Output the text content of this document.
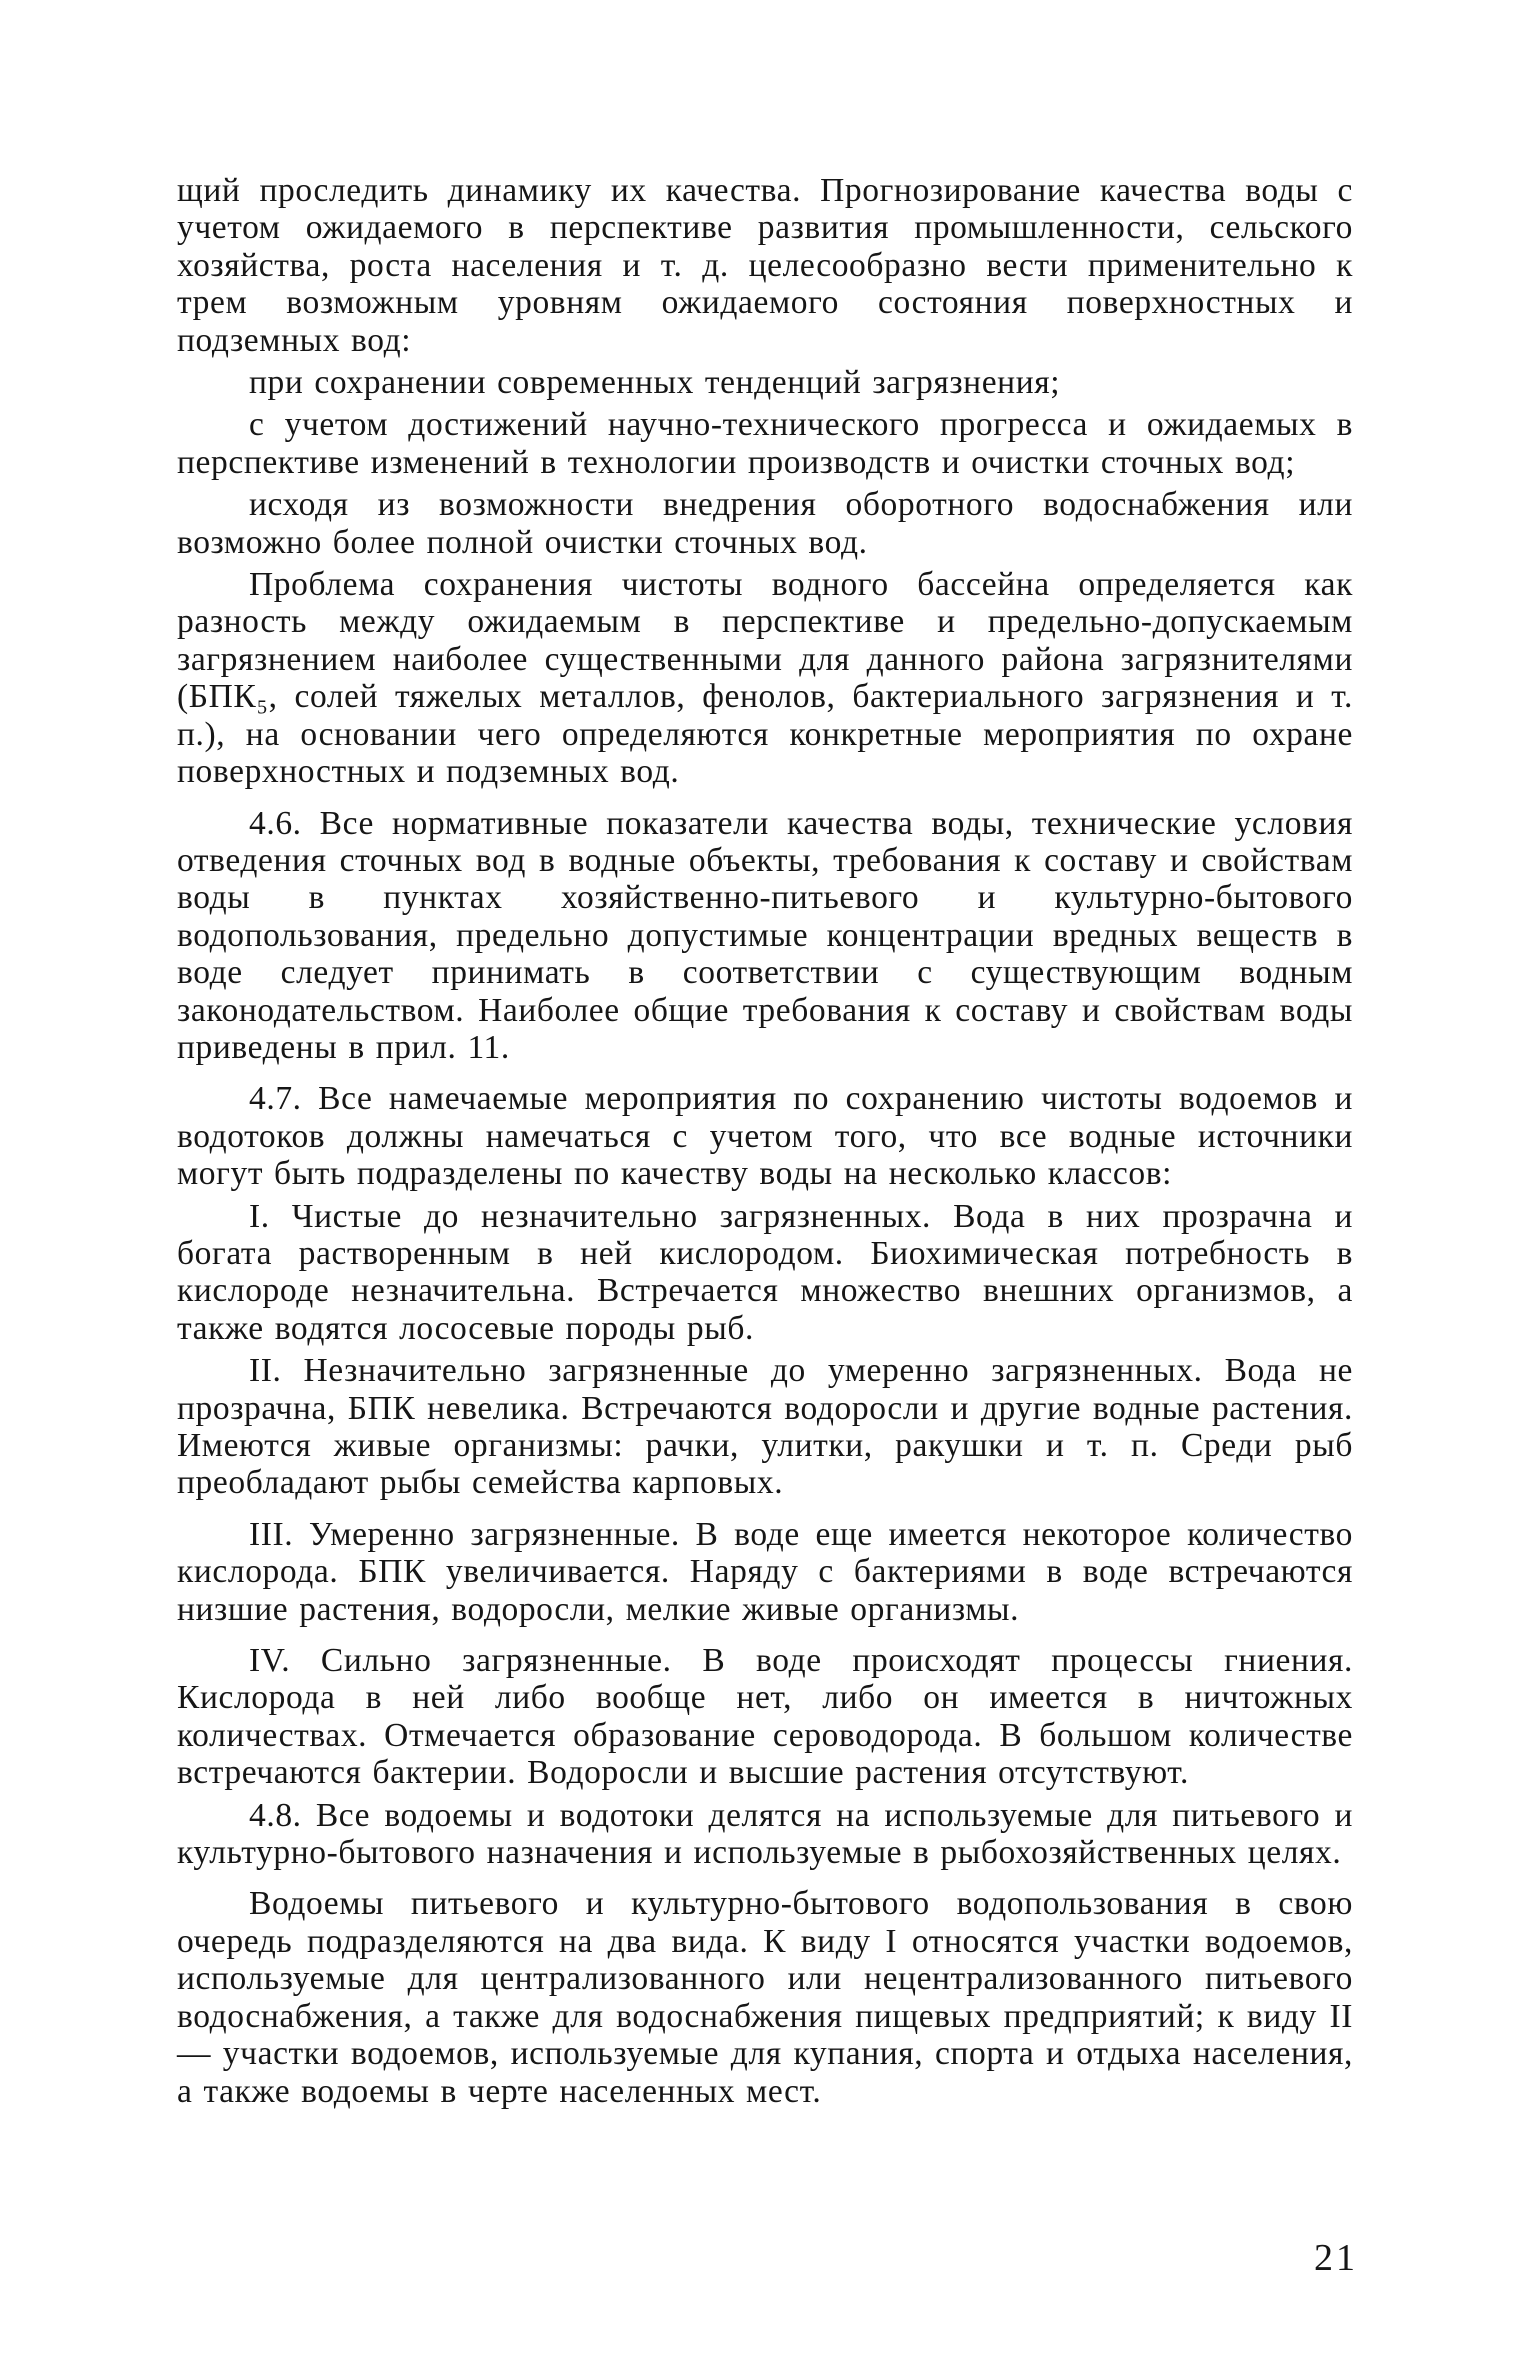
щий проследить динамику их качества. Прогнозирование качества воды с учетом ожидаемого в перспективе развития промышленности, сельского хозяйства, роста населения и т. д. целесообразно вести применительно к трем возможным уровням ожидаемого состояния поверхностных и подземных вод:

при сохранении современных тенденций загрязнения;

с учетом достижений научно-технического прогресса и ожидаемых в перспективе изменений в технологии производств и очистки сточных вод;

исходя из возможности внедрения оборотного водоснабжения или возможно более полной очистки сточных вод.

Проблема сохранения чистоты водного бассейна определяется как разность между ожидаемым в перспективе и предельно-допускаемым загрязнением наиболее существенными для данного района загрязнителями (БПК₅, солей тяжелых металлов, фенолов, бактериального загрязнения и т. п.), на основании чего определяются конкретные мероприятия по охране поверхностных и подземных вод.

4.6. Все нормативные показатели качества воды, технические условия отведения сточных вод в водные объекты, требования к составу и свойствам воды в пунктах хозяйственно-питьевого и культурно-бытового водопользования, предельно допустимые концентрации вредных веществ в воде следует принимать в соответствии с существующим водным законодательством. Наиболее общие требования к составу и свойствам воды приведены в прил. 11.

4.7. Все намечаемые мероприятия по сохранению чистоты водоемов и водотоков должны намечаться с учетом того, что все водные источники могут быть подразделены по качеству воды на несколько классов:

I. Чистые до незначительно загрязненных. Вода в них прозрачна и богата растворенным в ней кислородом. Биохимическая потребность в кислороде незначительна. Встречается множество внешних организмов, а также водятся лососевые породы рыб.

II. Незначительно загрязненные до умеренно загрязненных. Вода не прозрачна, БПК невелика. Встречаются водоросли и другие водные растения. Имеются живые организмы: рачки, улитки, ракушки и т. п. Среди рыб преобладают рыбы семейства карповых.

III. Умеренно загрязненные. В воде еще имеется некоторое количество кислорода. БПК увеличивается. Наряду с бактериями в воде встречаются низшие растения, водоросли, мелкие живые организмы.

IV. Сильно загрязненные. В воде происходят процессы гниения. Кислорода в ней либо вообще нет, либо он имеется в ничтожных количествах. Отмечается образование сероводорода. В большом количестве встречаются бактерии. Водоросли и высшие растения отсутствуют.

4.8. Все водоемы и водотоки делятся на используемые для питьевого и культурно-бытового назначения и используемые в рыбохозяйственных целях.

Водоемы питьевого и культурно-бытового водопользования в свою очередь подразделяются на два вида. К виду I относятся участки водоемов, используемые для централизованного или нецентрализованного питьевого водоснабжения, а также для водоснабжения пищевых предприятий; к виду II — участки водоемов, используемые для купания, спорта и отдыха населения, а также водоемы в черте населенных мест.

21
